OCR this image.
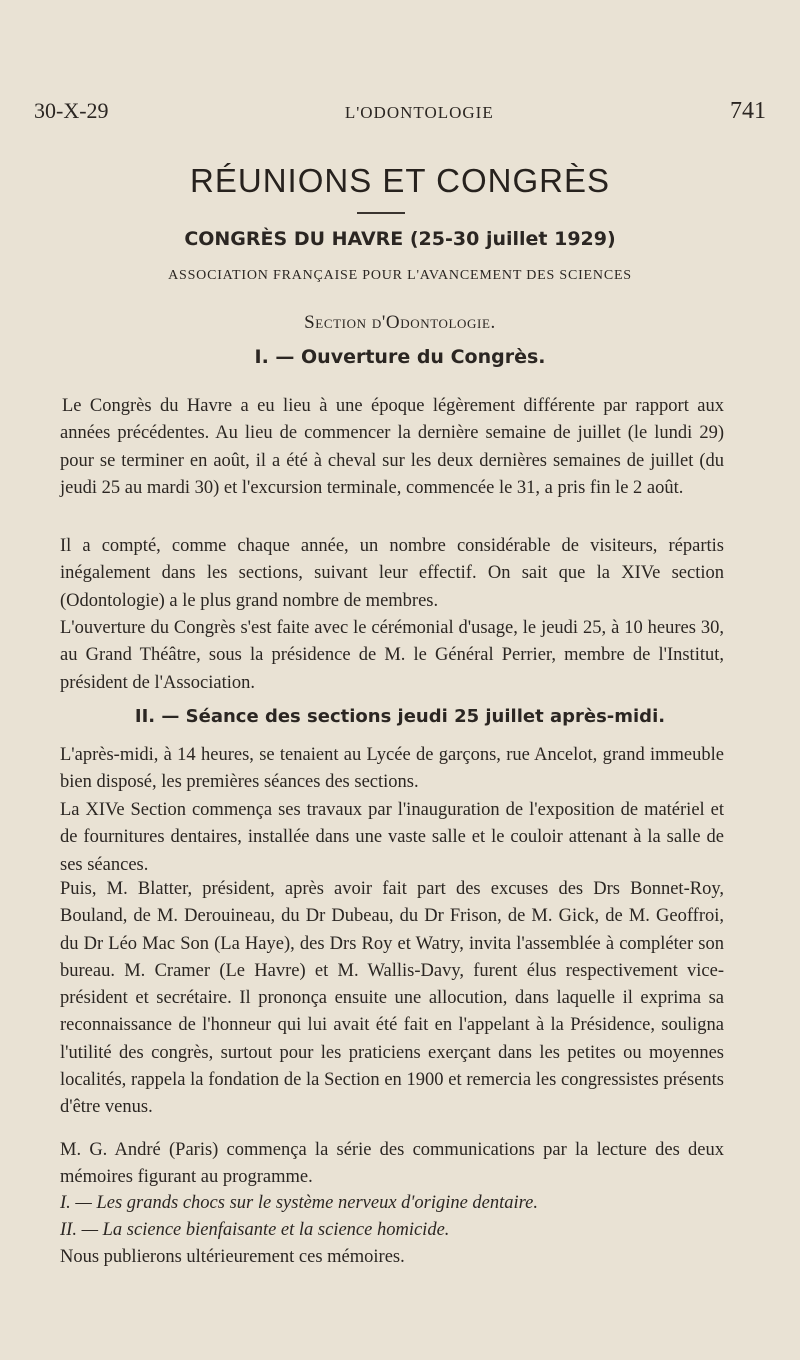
30-X-29	L'ODONTOLOGIE	741
RÉUNIONS ET CONGRÈS
CONGRÈS DU HAVRE (25-30 juillet 1929)
ASSOCIATION FRANÇAISE POUR L'AVANCEMENT DES SCIENCES
Section d'Odontologie.
I. — Ouverture du Congrès.
Le Congrès du Havre a eu lieu à une époque légèrement différente par rapport aux années précédentes. Au lieu de commencer la dernière semaine de juillet (le lundi 29) pour se terminer en août, il a été à cheval sur les deux dernières semaines de juillet (du jeudi 25 au mardi 30) et l'excursion terminale, commencée le 31, a pris fin le 2 août.
Il a compté, comme chaque année, un nombre considérable de visiteurs, répartis inégalement dans les sections, suivant leur effectif. On sait que la XIVe section (Odontologie) a le plus grand nombre de membres.
L'ouverture du Congrès s'est faite avec le cérémonial d'usage, le jeudi 25, à 10 heures 30, au Grand Théâtre, sous la présidence de M. le Général Perrier, membre de l'Institut, président de l'Association.
II. — Séance des sections jeudi 25 juillet après-midi.
L'après-midi, à 14 heures, se tenaient au Lycée de garçons, rue Ancelot, grand immeuble bien disposé, les premières séances des sections.
La XIVe Section commença ses travaux par l'inauguration de l'exposition de matériel et de fournitures dentaires, installée dans une vaste salle et le couloir attenant à la salle de ses séances.
Puis, M. Blatter, président, après avoir fait part des excuses des Drs Bonnet-Roy, Bouland, de M. Derouineau, du Dr Dubeau, du Dr Frison, de M. Gick, de M. Geoffroi, du Dr Léo Mac Son (La Haye), des Drs Roy et Watry, invita l'assemblée à compléter son bureau. M. Cramer (Le Havre) et M. Wallis-Davy, furent élus respectivement vice-président et secrétaire. Il prononça ensuite une allocution, dans laquelle il exprima sa reconnaissance de l'honneur qui lui avait été fait en l'appelant à la Présidence, souligna l'utilité des congrès, surtout pour les praticiens exerçant dans les petites ou moyennes localités, rappela la fondation de la Section en 1900 et remercia les congressistes présents d'être venus.
M. G. André (Paris) commença la série des communications par la lecture des deux mémoires figurant au programme.
I. — Les grands chocs sur le système nerveux d'origine dentaire.
II. — La science bienfaisante et la science homicide.
Nous publierons ultérieurement ces mémoires.
